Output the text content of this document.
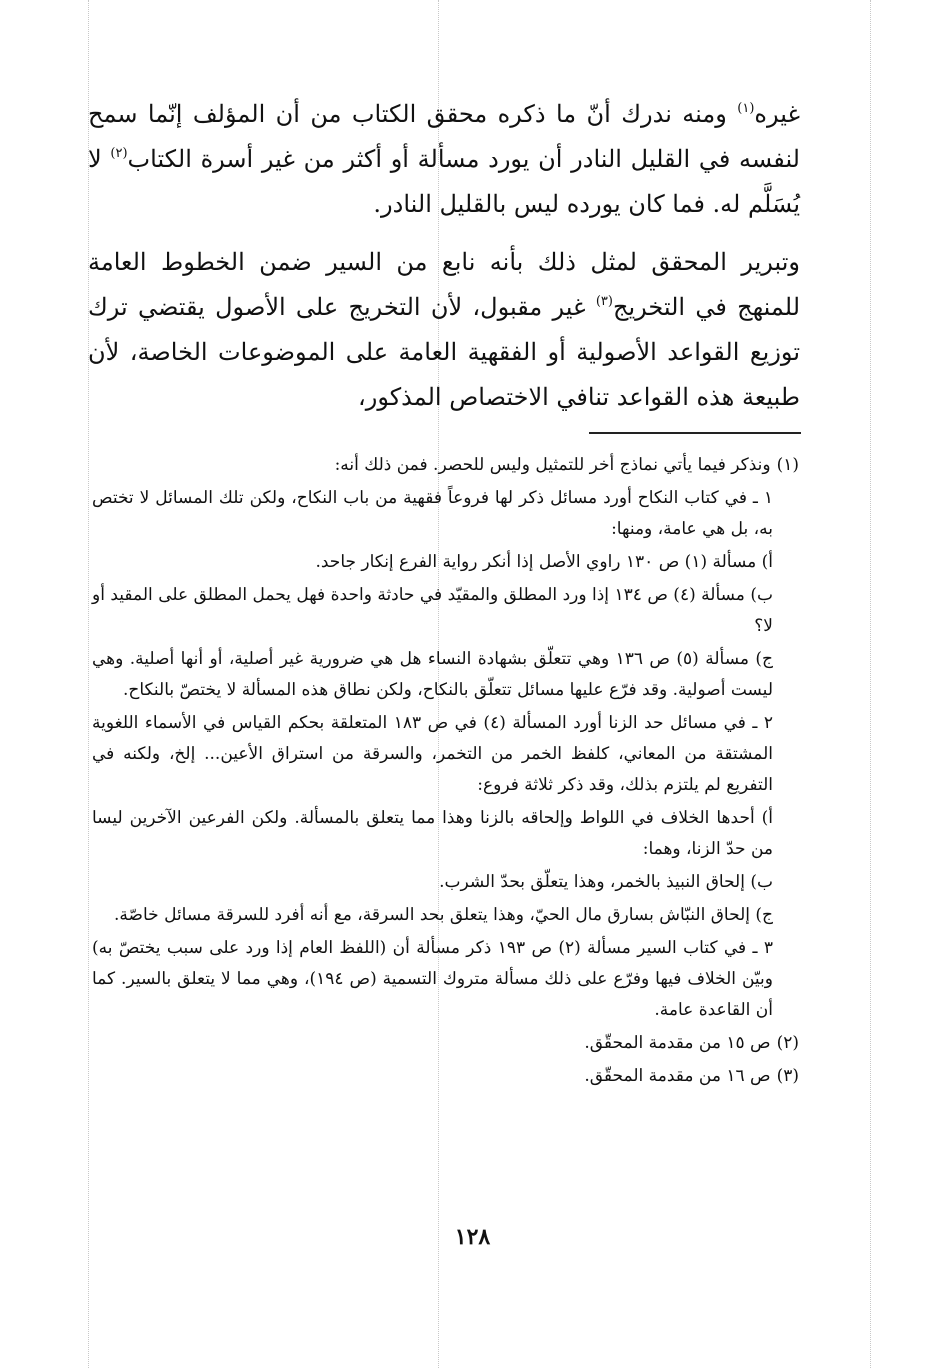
غيره$^{(١)}$ ومنه ندرك أنّ ما ذكره محقق الكتاب من أن المؤلف إنّما سمح لنفسه في القليل النادر أن يورد مسألة أو أكثر من غير أسرة الكتاب$^{(٢)}$ لا يُسَلَّم له. فما كان يورده ليس بالقليل النادر.

وتبرير المحقق لمثل ذلك بأنه نابع من السير ضمن الخطوط العامة للمنهج في التخريج$^{(٣)}$ غير مقبول، لأن التخريج على الأصول يقتضي ترك توزيع القواعد الأصولية أو الفقهية العامة على الموضوعات الخاصة، لأن طبيعة هذه القواعد تنافي الاختصاص المذكور،

(١)ونذكر فيما يأتي نماذج أخر للتمثيل وليس للحصر. فمن ذلك أنه:

١ ـ في كتاب النكاح أورد مسائل ذكر لها فروعاً فقهية من باب النكاح، ولكن تلك المسائل لا تختص به، بل هي عامة، ومنها:

أ) مسألة (١) ص ١٣٠ راوي الأصل إذا أنكر رواية الفرع إنكار جاحد.

ب) مسألة (٤) ص ١٣٤ إذا ورد المطلق والمقيّد في حادثة واحدة فهل يحمل المطلق على المقيد أو لا؟

ج) مسألة (٥) ص ١٣٦ وهي تتعلّق بشهادة النساء هل هي ضرورية غير أصلية، أو أنها أصلية. وهي ليست أصولية. وقد فرّع عليها مسائل تتعلّق بالنكاح، ولكن نطاق هذه المسألة لا يختصّ بالنكاح.

٢ ـ في مسائل حد الزنا أورد المسألة (٤) في ص ١٨٣ المتعلقة بحكم القياس في الأسماء اللغوية المشتقة من المعاني، كلفظ الخمر من التخمر، والسرقة من استراق الأعين... إلخ، ولكنه في التفريع لم يلتزم بذلك، وقد ذكر ثلاثة فروع:

أ) أحدها الخلاف في اللواط وإلحاقه بالزنا وهذا مما يتعلق بالمسألة. ولكن الفرعين الآخرين ليسا من حدّ الزنا، وهما:

ب) إلحاق النبيذ بالخمر، وهذا يتعلّق بحدّ الشرب.

ج) إلحاق النبّاش بسارق مال الحيّ، وهذا يتعلق بحد السرقة، مع أنه أفرد للسرقة مسائل خاصّة.

٣ ـ في كتاب السير مسألة (٢) ص ١٩٣ ذكر مسألة أن (اللفظ العام إذا ورد على سبب يختصّ به) وبيّن الخلاف فيها وفرّع على ذلك مسألة متروك التسمية (ص ١٩٤)، وهي مما لا يتعلق بالسير. كما أن القاعدة عامة.

(٢)ص ١٥ من مقدمة المحقّق.

(٣)ص ١٦ من مقدمة المحقّق.

١٢٨
